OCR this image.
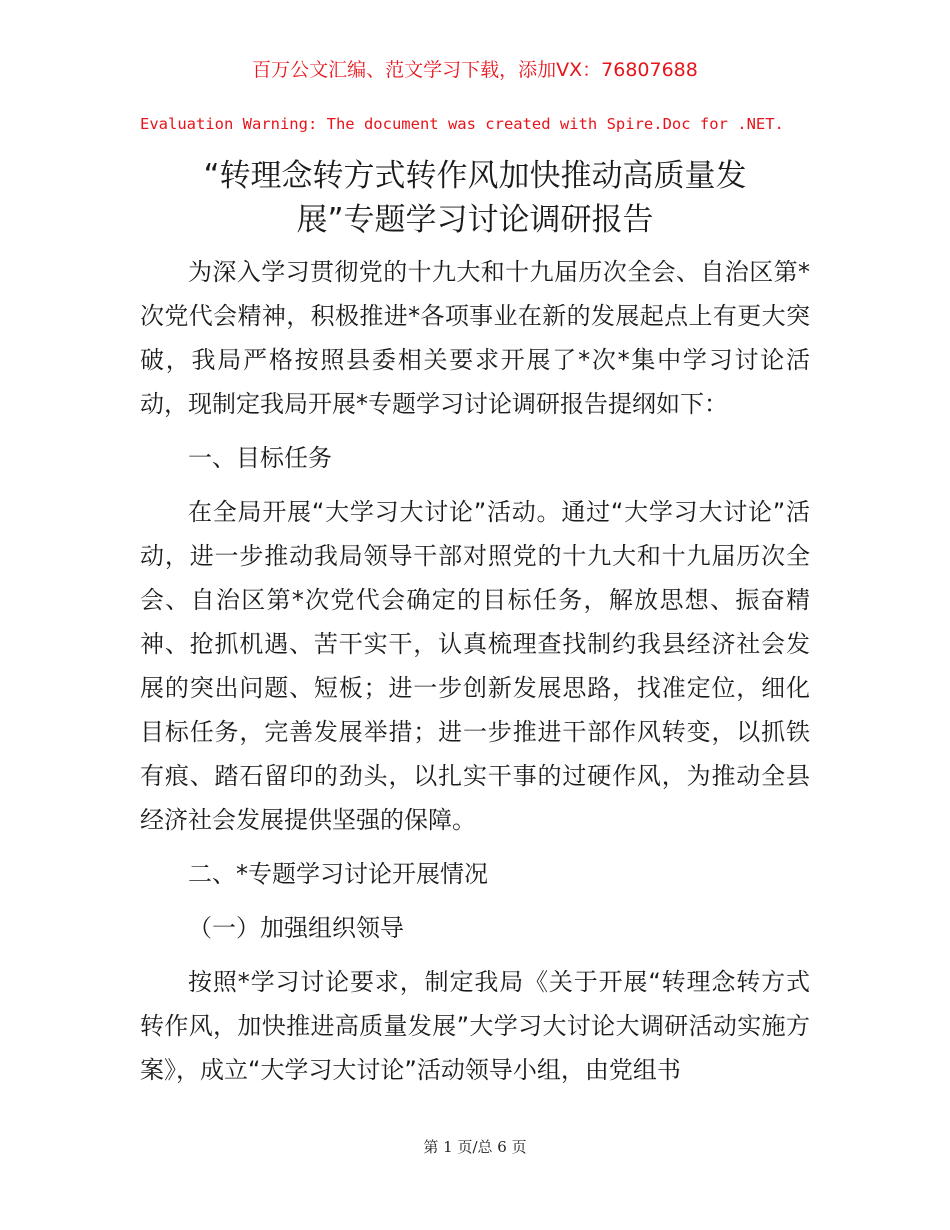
百万公文汇编、范文学习下载，添加VX：76807688
Evaluation Warning: The document was created with Spire.Doc for .NET.
“转理念转方式转作风加快推动高质量发
展”专题学习讨论调研报告

为深入学习贯彻党的十九大和十九届历次全会、自治区第*次党代会精神，积极推进*各项事业在新的发展起点上有更大突破，我局严格按照县委相关要求开展了*次*集中学习讨论活动，现制定我局开展*专题学习讨论调研报告提纲如下：

一、目标任务

在全局开展“大学习大讨论”活动。通过“大学习大讨论”活动，进一步推动我局领导干部对照党的十九大和十九届历次全会、自治区第*次党代会确定的目标任务，解放思想、振奋精神、抢抓机遇、苦干实干，认真梳理查找制约我县经济社会发展的突出问题、短板；进一步创新发展思路，找准定位，细化目标任务，完善发展举措；进一步推进干部作风转变，以抓铁有痕、踏石留印的劲头，以扎实干事的过硬作风，为推动全县经济社会发展提供坚强的保障。

二、*专题学习讨论开展情况

（一）加强组织领导

按照*学习讨论要求，制定我局《关于开展“转理念转方式转作风，加快推进高质量发展”大学习大讨论大调研活动实施方案》，成立“大学习大讨论”活动领导小组，由党组书

第 1 页/总 6 页
